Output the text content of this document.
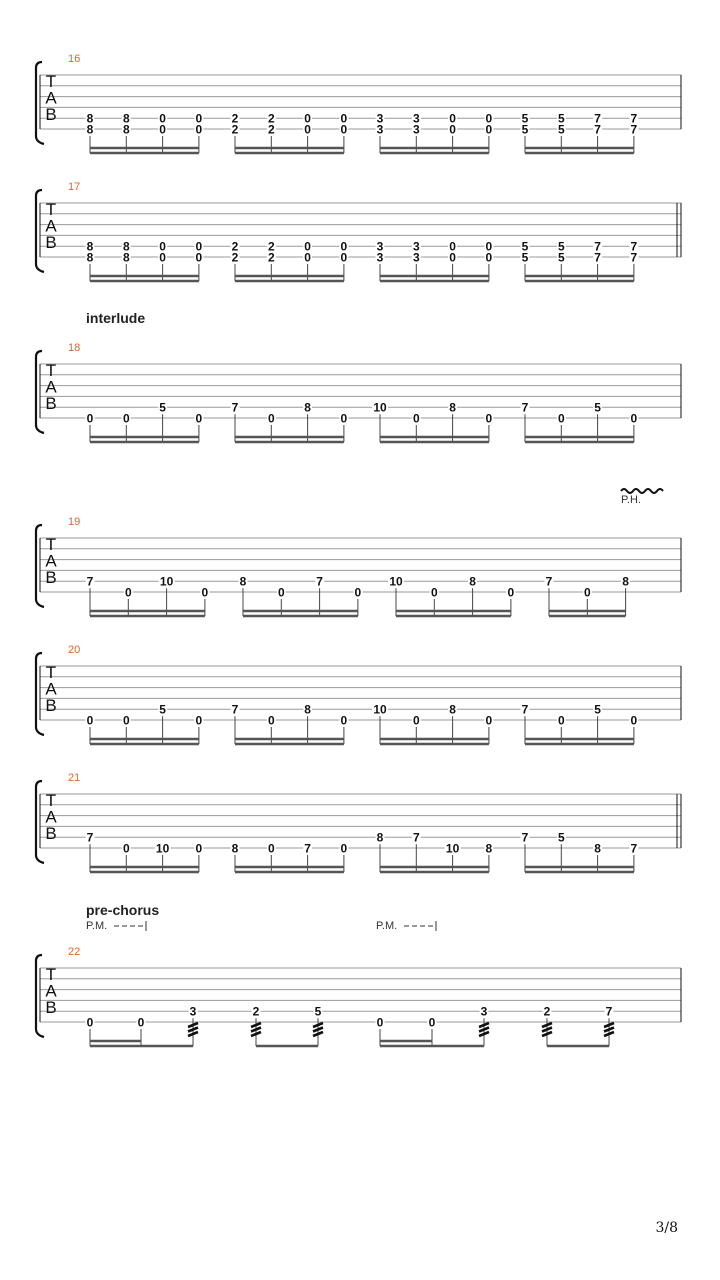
T
A
B
16
8
8
8
8
0
0
0
0
2
2
2
2
0
0
0
0
3
3
3
3
0
0
0
0
5
5
5
5
7
7
7
7
T
A
B
17
8
8
8
8
0
0
0
0
2
2
2
2
0
0
0
0
3
3
3
3
0
0
0
0
5
5
5
5
7
7
7
7
T
A
B
18
interlude
0 0
5
0
7
0
8
0
10
0
8
0
7
0
5
0
T
A
B
19
7
0
10
0
8
0
7
0
10
0
8
0
7
0
8
P.H.
T
A
B
20
0 0
5
0
7
0
8
0
10
0
8
0
7
0
5
0
T
A
B
21
7
0 10 0 8 0 7 0
8 7
10 8
7 5
8 7
T
A
B
22
pre-chorus
0	0
3	2	5
0	0
3	2	7
P.M.	P.M.
3/8
